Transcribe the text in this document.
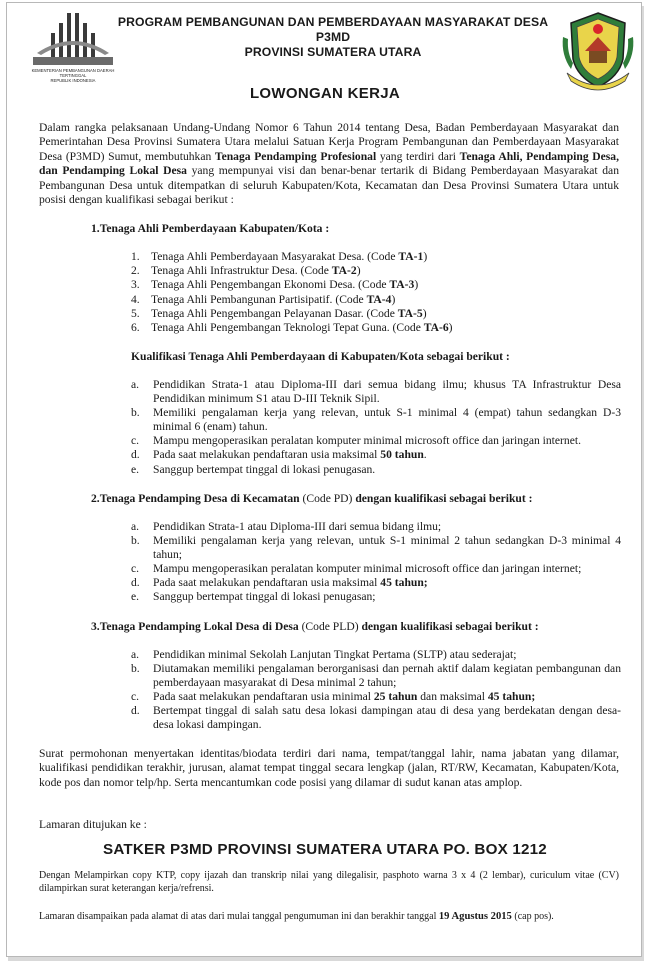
KEMENTERIAN PEMBANGUNAN DAERAH TERTINGGAL
REPUBLIK INDONESIA
PROGRAM PEMBANGUNAN DAN PEMBERDAYAAN MASYARAKAT DESA
P3MD
PROVINSI SUMATERA UTARA
LOWONGAN KERJA
Dalam rangka pelaksanaan Undang-Undang Nomor 6 Tahun 2014 tentang Desa, Badan Pemberdayaan Masyarakat dan Pemerintahan Desa Provinsi Sumatera Utara melalui Satuan Kerja Program Pembangunan dan Pemberdayaan Masyarakat Desa (P3MD) Sumut, membutuhkan Tenaga Pendamping Profesional yang terdiri dari Tenaga Ahli, Pendamping Desa, dan Pendamping Lokal Desa yang mempunyai visi dan benar-benar tertarik di Bidang Pemberdayaan Masyarakat dan Pembangunan Desa untuk ditempatkan di seluruh Kabupaten/Kota, Kecamatan dan Desa Provinsi Sumatera Utara untuk posisi dengan kualifikasi sebagai berikut :
1.Tenaga Ahli Pemberdayaan Kabupaten/Kota :
1. Tenaga Ahli Pemberdayaan Masyarakat Desa. (Code TA-1)
2. Tenaga Ahli Infrastruktur Desa. (Code TA-2)
3. Tenaga Ahli Pengembangan Ekonomi Desa. (Code TA-3)
4. Tenaga Ahli Pembangunan Partisipatif. (Code TA-4)
5. Tenaga Ahli Pengembangan Pelayanan Dasar. (Code TA-5)
6. Tenaga Ahli Pengembangan Teknologi Tepat Guna. (Code TA-6)
Kualifikasi Tenaga Ahli Pemberdayaan di Kabupaten/Kota sebagai berikut :
a.	Pendidikan Strata-1 atau Diploma-III dari semua bidang ilmu; khusus TA Infrastruktur Desa Pendidikan minimum S1 atau D-III Teknik Sipil.
b.	Memiliki pengalaman kerja yang relevan, untuk S-1 minimal 4 (empat) tahun sedangkan D-3 minimal 6 (enam) tahun.
c.	Mampu mengoperasikan peralatan komputer minimal microsoft office dan jaringan internet.
d.	Pada saat melakukan pendaftaran usia maksimal 50 tahun.
e.	Sanggup bertempat tinggal di lokasi penugasan.
2.Tenaga Pendamping Desa di Kecamatan (Code PD) dengan kualifikasi sebagai berikut :
a.	Pendidikan Strata-1 atau Diploma-III dari semua bidang ilmu;
b.	Memiliki pengalaman kerja yang relevan, untuk S-1 minimal 2 tahun sedangkan D-3 minimal 4 tahun;
c.	Mampu mengoperasikan peralatan komputer minimal microsoft office dan jaringan internet;
d.	Pada saat melakukan pendaftaran usia maksimal 45 tahun;
e.	Sanggup bertempat tinggal di lokasi penugasan;
3.Tenaga Pendamping Lokal Desa di Desa (Code PLD) dengan kualifikasi sebagai berikut :
a.	Pendidikan minimal Sekolah Lanjutan Tingkat Pertama (SLTP) atau sederajat;
b.	Diutamakan memiliki pengalaman berorganisasi dan pernah aktif dalam kegiatan pembangunan dan pemberdayaan masyarakat di Desa minimal 2 tahun;
c.	Pada saat melakukan pendaftaran usia minimal 25 tahun dan maksimal 45 tahun;
d.	Bertempat tinggal di salah satu desa lokasi dampingan atau di desa yang berdekatan dengan desa-desa lokasi dampingan.
Surat permohonan menyertakan identitas/biodata terdiri dari nama, tempat/tanggal lahir, nama jabatan yang dilamar, kualifikasi pendidikan terakhir, jurusan, alamat tempat tinggal secara lengkap (jalan, RT/RW, Kecamatan, Kabupaten/Kota, kode pos dan nomor telp/hp. Serta mencantumkan code posisi yang dilamar di sudut kanan atas amplop.
Lamaran ditujukan ke :
SATKER P3MD PROVINSI SUMATERA UTARA PO. BOX 1212
Dengan Melampirkan copy KTP, copy ijazah dan transkrip nilai yang dilegalisir, pasphoto warna 3 x 4 (2 lembar), curiculum vitae (CV) dilampirkan surat keterangan kerja/refrensi.
Lamaran disampaikan pada alamat di atas dari mulai tanggal pengumuman ini dan berakhir tanggal 19 Agustus 2015 (cap pos).
